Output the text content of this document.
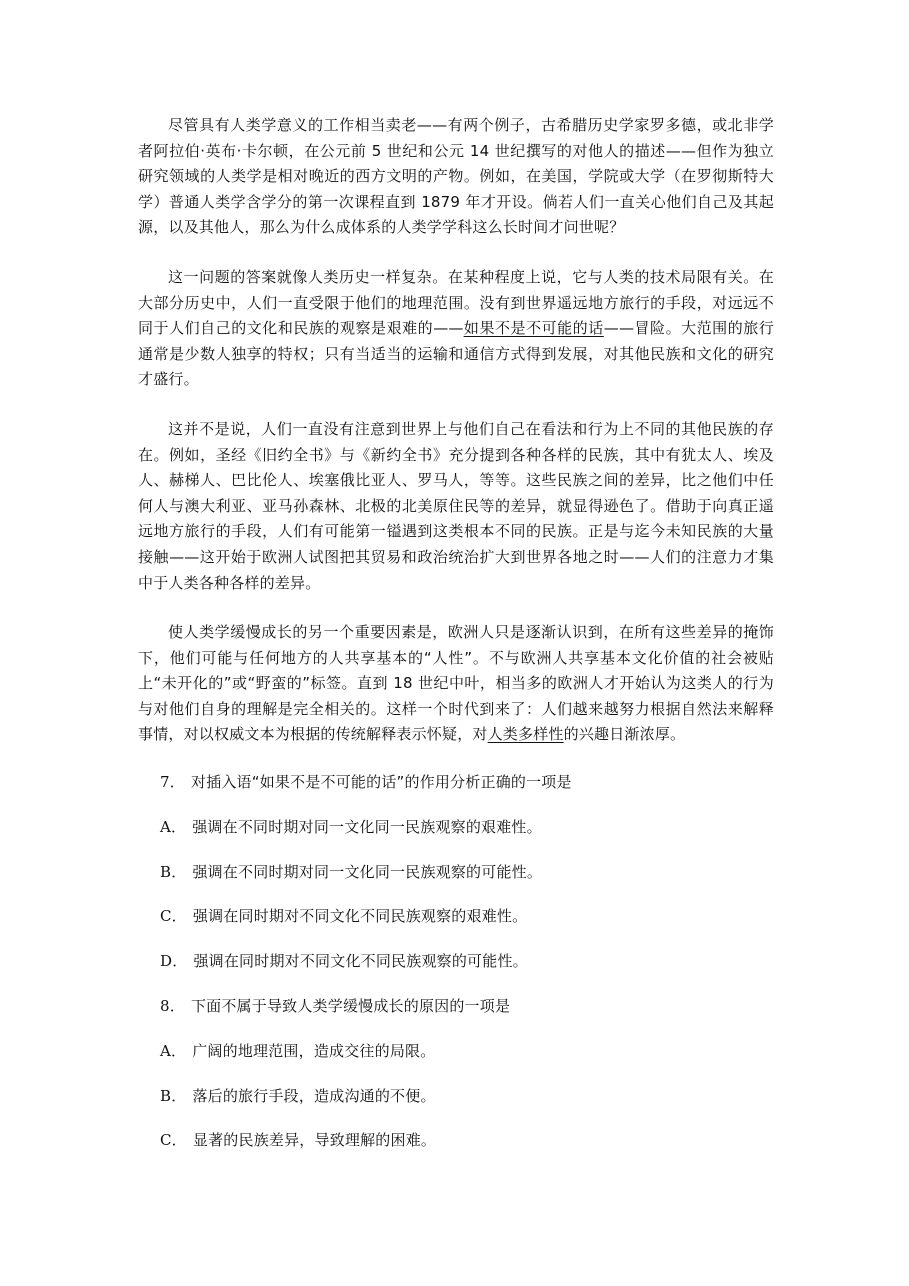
尽管具有人类学意义的工作相当卖老——有两个例子，古希腊历史学家罗多德，或北非学者阿拉伯·英布·卡尔顿，在公元前 5 世纪和公元 14 世纪撰写的对他人的描述——但作为独立研究领域的人类学是相对晚近的西方文明的产物。例如，在美国，学院或大学（在罗彻斯特大学）普通人类学含学分的第一次课程直到 1879 年才开设。倘若人们一直关心他们自己及其起源，以及其他人，那么为什么成体系的人类学学科这么长时间才问世呢？

这一问题的答案就像人类历史一样复杂。在某种程度上说，它与人类的技术局限有关。在大部分历史中，人们一直受限于他们的地理范围。没有到世界遥远地方旅行的手段，对远远不同于人们自己的文化和民族的观察是艰难的——如果不是不可能的话——冒险。大范围的旅行通常是少数人独享的特权；只有当适当的运输和通信方式得到发展，对其他民族和文化的研究才盛行。

这并不是说，人们一直没有注意到世界上与他们自己在看法和行为上不同的其他民族的存在。例如，圣经《旧约全书》与《新约全书》充分提到各种各样的民族，其中有犹太人、埃及人、赫梯人、巴比伦人、埃塞俄比亚人、罗马人，等等。这些民族之间的差异，比之他们中任何人与澳大利亚、亚马孙森林、北极的北美原住民等的差异，就显得逊色了。借助于向真正遥远地方旅行的手段，人们有可能第一镒遇到这类根本不同的民族。正是与迄今未知民族的大量接触——这开始于欧洲人试图把其贸易和政治统治扩大到世界各地之时——人们的注意力才集中于人类各种各样的差异。

使人类学缓慢成长的另一个重要因素是，欧洲人只是逐渐认识到，在所有这些差异的掩饰下，他们可能与任何地方的人共享基本的“人性”。不与欧洲人共享基本文化价值的社会被贴上“未开化的”或“野蛮的”标签。直到 18 世纪中叶，相当多的欧洲人才开始认为这类人的行为与对他们自身的理解是完全相关的。这样一个时代到来了：人们越来越努力根据自然法来解释事情，对以权威文本为根据的传统解释表示怀疑，对人类多样性的兴趣日渐浓厚。

7． 对插入语“如果不是不可能的话”的作用分析正确的一项是
A． 强调在不同时期对同一文化同一民族观察的艰难性。
B． 强调在不同时期对同一文化同一民族观察的可能性。
C． 强调在同时期对不同文化不同民族观察的艰难性。
D． 强调在同时期对不同文化不同民族观察的可能性。
8． 下面不属于导致人类学缓慢成长的原因的一项是
A． 广阔的地理范围，造成交往的局限。
B． 落后的旅行手段，造成沟通的不便。
C． 显著的民族差异，导致理解的困难。
